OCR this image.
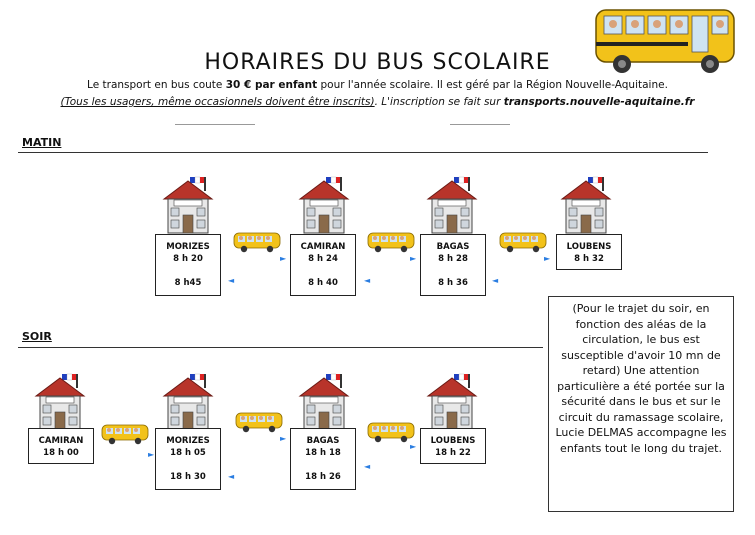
HORAIRES DU BUS SCOLAIRE
Le transport en bus coute 30 € par enfant pour l'année scolaire. Il est géré par la Région Nouvelle-Aquitaine.
(Tous les usagers, même occasionnels doivent être inscrits). L'inscription se fait sur transports.nouvelle-aquitaine.fr
MATIN
MORIZES
8 h 20
8 h45
CAMIRAN
8 h 24
8 h 40
BAGAS
8 h 28
8 h 36
LOUBENS
8 h 32
►	►	►
◄	◄	◄
SOIR
CAMIRAN
18 h 00
MORIZES
18 h 05
18 h 30
BAGAS
18 h 18
18 h 26
LOUBENS
18 h 22
►
►
►
◄
◄
(Pour le trajet du soir, en fonction des aléas de la circulation, le bus est susceptible d'avoir 10 mn de retard) Une attention particulière a été portée sur la sécurité dans le bus et sur le circuit du ramassage scolaire, Lucie DELMAS accompagne les enfants tout le long du trajet.
